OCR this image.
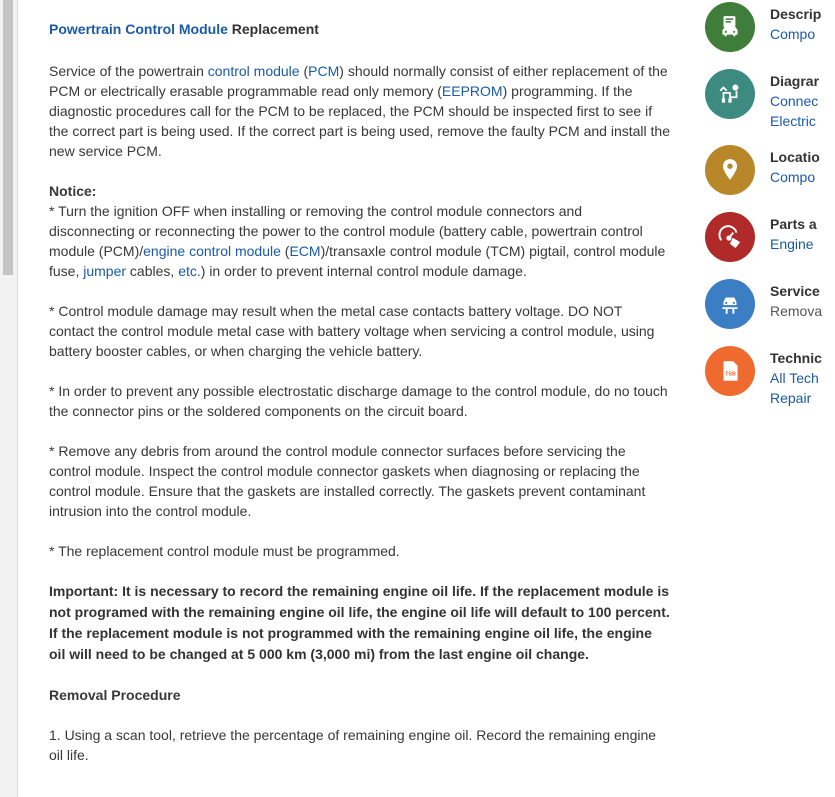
Powertrain Control Module Replacement

Service of the powertrain control module (PCM) should normally consist of either replacement of the PCM or electrically erasable programmable read only memory (EEPROM) programming. If the diagnostic procedures call for the PCM to be replaced, the PCM should be inspected first to see if the correct part is being used. If the correct part is being used, remove the faulty PCM and install the new service PCM.

Notice:

* Turn the ignition OFF when installing or removing the control module connectors and disconnecting or reconnecting the power to the control module (battery cable, powertrain control module (PCM)/engine control module (ECM)/transaxle control module (TCM) pigtail, control module fuse, jumper cables, etc.) in order to prevent internal control module damage.

* Control module damage may result when the metal case contacts battery voltage. DO NOT contact the control module metal case with battery voltage when servicing a control module, using battery booster cables, or when charging the vehicle battery.

* In order to prevent any possible electrostatic discharge damage to the control module, do no touch the connector pins or the soldered components on the circuit board.

* Remove any debris from around the control module connector surfaces before servicing the control module. Inspect the control module connector gaskets when diagnosing or replacing the control module. Ensure that the gaskets are installed correctly. The gaskets prevent contaminant intrusion into the control module.

* The replacement control module must be programmed.

Important: It is necessary to record the remaining engine oil life. If the replacement module is not programed with the remaining engine oil life, the engine oil life will default to 100 percent. If the replacement module is not programmed with the remaining engine oil life, the engine oil will need to be changed at 5 000 km (3,000 mi) from the last engine oil change.

Removal Procedure

1. Using a scan tool, retrieve the percentage of remaining engine oil. Record the remaining engine oil life.

Descrip
Compo
Diagrar
Connec
Electric
Locatio
Compo
Parts a
Engine
Service
Remova
TSB
Technic
All Tech
Repair
